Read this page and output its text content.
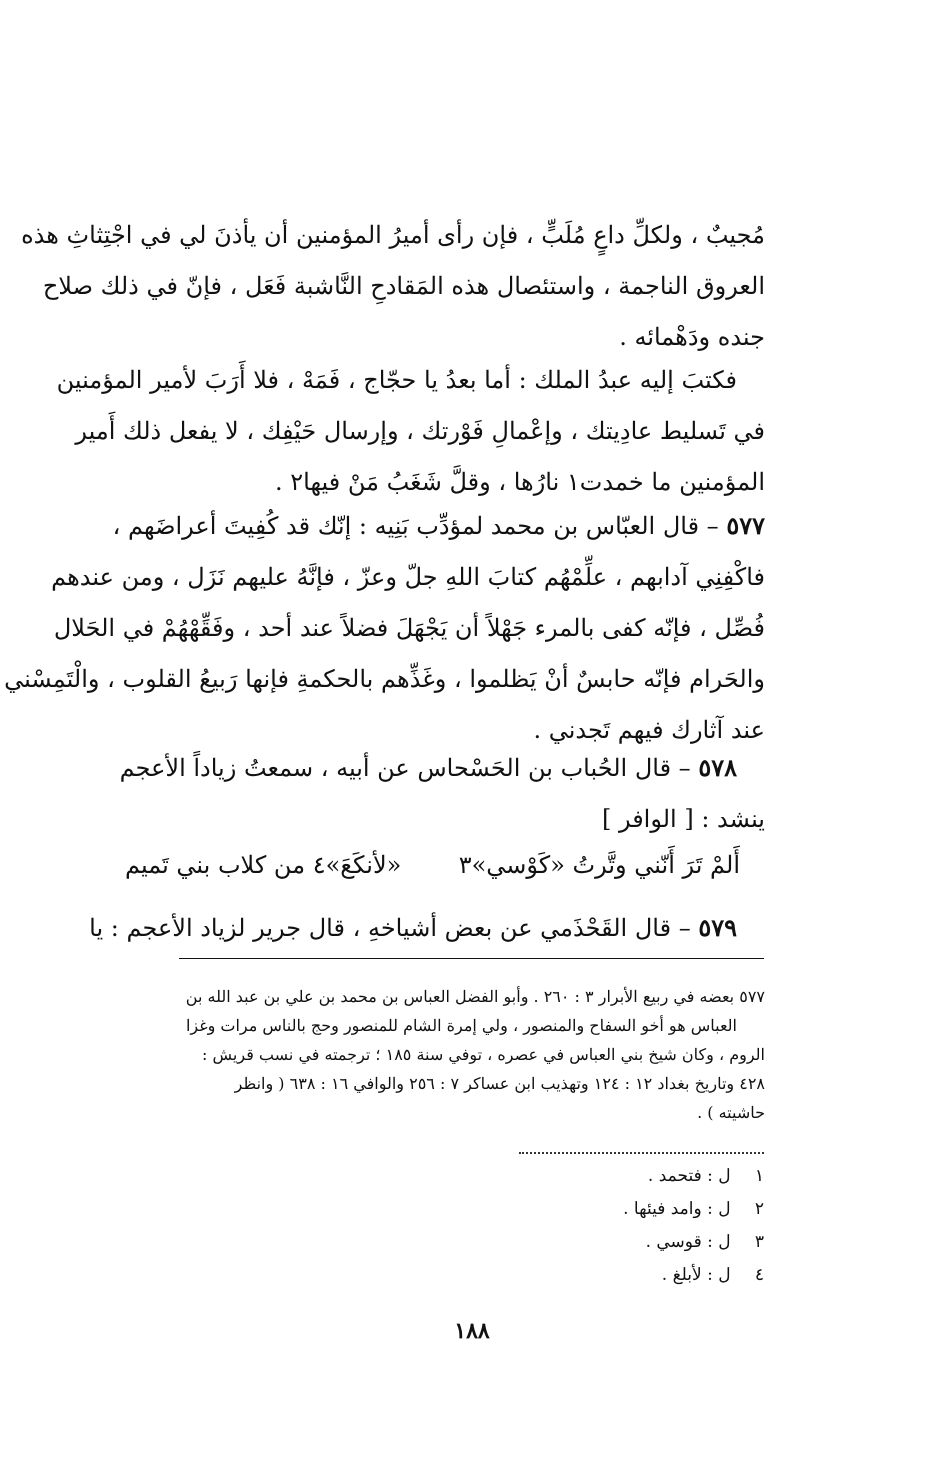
مُجيبٌ ، ولكلِّ داعٍ مُلَبٍّ ، فإن رأى أميرُ المؤمنين أن يأذنَ لي في اجْتِثاثِ هذه
العروق الناجمة ، واستئصال هذه المَقادحِ النَّاشبة فَعَل ، فإنّ في ذلك صلاح
جنده ودَهْمائه .
فكتبَ إليه عبدُ الملك : أما بعدُ يا حجّاج ، فَمَهْ ، فلا أَرَبَ لأمير المؤمنين
في تَسليط عادِيتك ، وإعْمالِ فَوْرتك ، وإرسال حَيْفِك ، لا يفعل ذلك أَمير
المؤمنين ما خمدت١ نارُها ، وقلَّ شَغَبُ مَنْ فيها٢ .
٥٧٧ – قال العبّاس بن محمد لمؤدِّب بَنِيه : إنّك قد كُفِيتَ أعراضَهم ،
فاكْفِنِي آدابهم ، علِّمْهُم كتابَ اللهِ جلّ وعزّ ، فإنَّهُ عليهم نَزَل ، ومن عندهم
فُصِّل ، فإنّه كفى بالمرء جَهْلاً أن يَجْهَلَ فضلاً عند أحد ، وفَقِّهْهُمْ في الحَلال
والحَرام فإنّه حابسٌ أنْ يَظلموا ، وغَذِّهم بالحكمةِ فإنها رَبيعُ القلوب ، والْتَمِسْني
عند آثارك فيهم تَجدني .
٥٧٨ – قال الحُباب بن الحَسْحاس عن أبيه ، سمعتُ زياداً الأعجم
ينشد : [ الوافر ]
أَلمْ تَرَ أَنّني وتَّرتُ «كَوْسي»٣
«لأنكَعَ»٤ من كلاب بني تَميم
٥٧٩ – قال القَحْذَمي عن بعض أشياخهِ ، قال جرير لزياد الأعجم : يا
٥٧٧ بعضه في ربيع الأبرار ٣ : ٢٦٠ . وأبو الفضل العباس بن محمد بن علي بن عبد الله بن
العباس هو أخو السفاح والمنصور ، ولي إمرة الشام للمنصور وحج بالناس مرات وغزا
الروم ، وكان شيخ بني العباس في عصره ، توفي سنة ١٨٥ ؛ ترجمته في نسب قريش :
٤٢٨ وتاريخ بغداد ١٢ : ١٢٤ وتهذيب ابن عساكر ٧ : ٢٥٦ والوافي ١٦ : ٦٣٨ ( وانظر
حاشيته ) .
١ ل : فتحمد .
٢ ل : وامد فيئها .
٣ ل : قوسي .
٤ ل : لأبلغ .
١٨٨
